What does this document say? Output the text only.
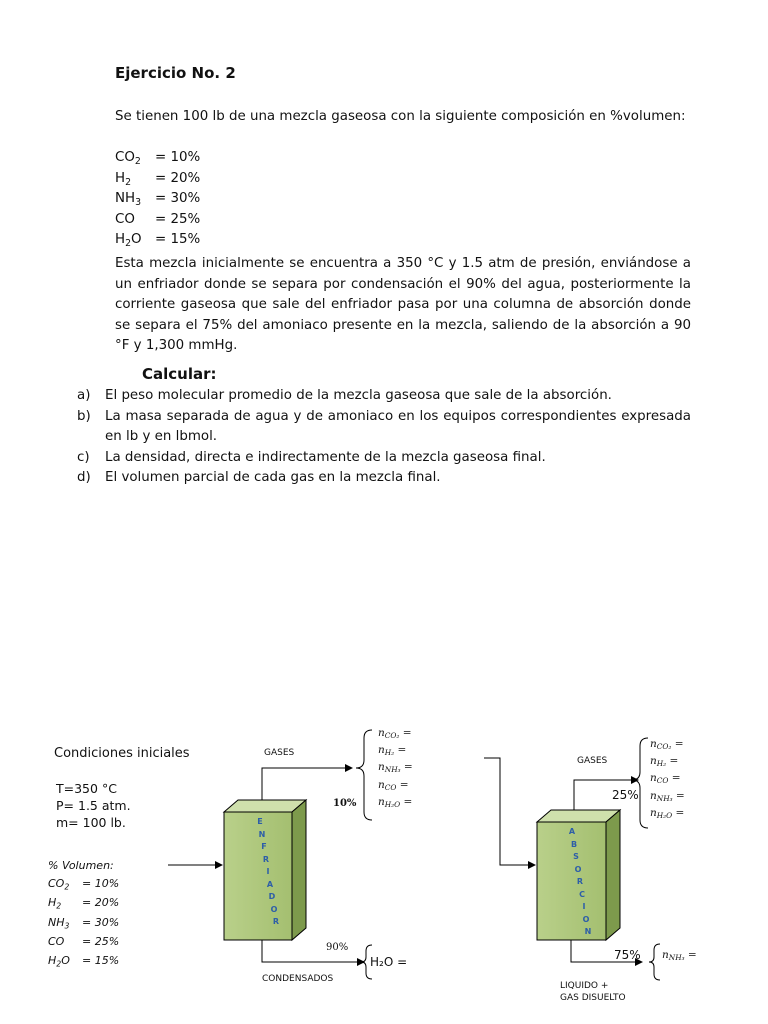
Ejercicio No. 2
Se tienen 100 lb de una mezcla gaseosa con la siguiente composición en %volumen:
$CO_2 = 10\%$
$H_2 = 20\%$
$NH_3 = 30\%$
CO = 25%
$H_2O = 15\%$
Esta mezcla inicialmente se encuentra a 350 °C y 1.5 atm de presión, enviándose a un enfriador donde se separa por condensación el 90% del agua, posteriormente la corriente gaseosa que sale del enfriador pasa por una columna de absorción donde se separa el 75% del amoniaco presente en la mezcla, saliendo de la absorción a 90 °F y 1,300 mmHg.
Calcular:
a) El peso molecular promedio de la mezcla gaseosa que sale de la absorción.
b) La masa separada de agua y de amoniaco en los equipos correspondientes expresada en lb y en lbmol.
c) La densidad, directa e indirectamente de la mezcla gaseosa final.
d) El volumen parcial de cada gas en la mezcla final.
E
N
F
R
I
A
D
O
R
A
B
S
O
R
C
I
O
N
Condiciones iniciales
T=350 °C
P= 1.5 atm.
m= 100 lb.
% Volumen:
$CO_2 = 10\%$
$H_2 = 20\%$
$NH_3 = 30\%$
CO = 25%
$H_2O = 15\%$
GASES
10%
$n_{CO_2}$ =
$n_{H_2}$ =
$n_{NH_3}$ =
$n_{CO}$ =
$n_{H_2O}$ =
90%
H₂O =
CONDENSADOS
GASES
25%
$n_{CO_2}$ =
$n_{H_2}$ =
$n_{CO}$ =
$n_{NH_3}$ =
$n_{H_2O}$ =
75% $n_{NH_3}$ =
LIQUIDO +
GAS DISUELTO
